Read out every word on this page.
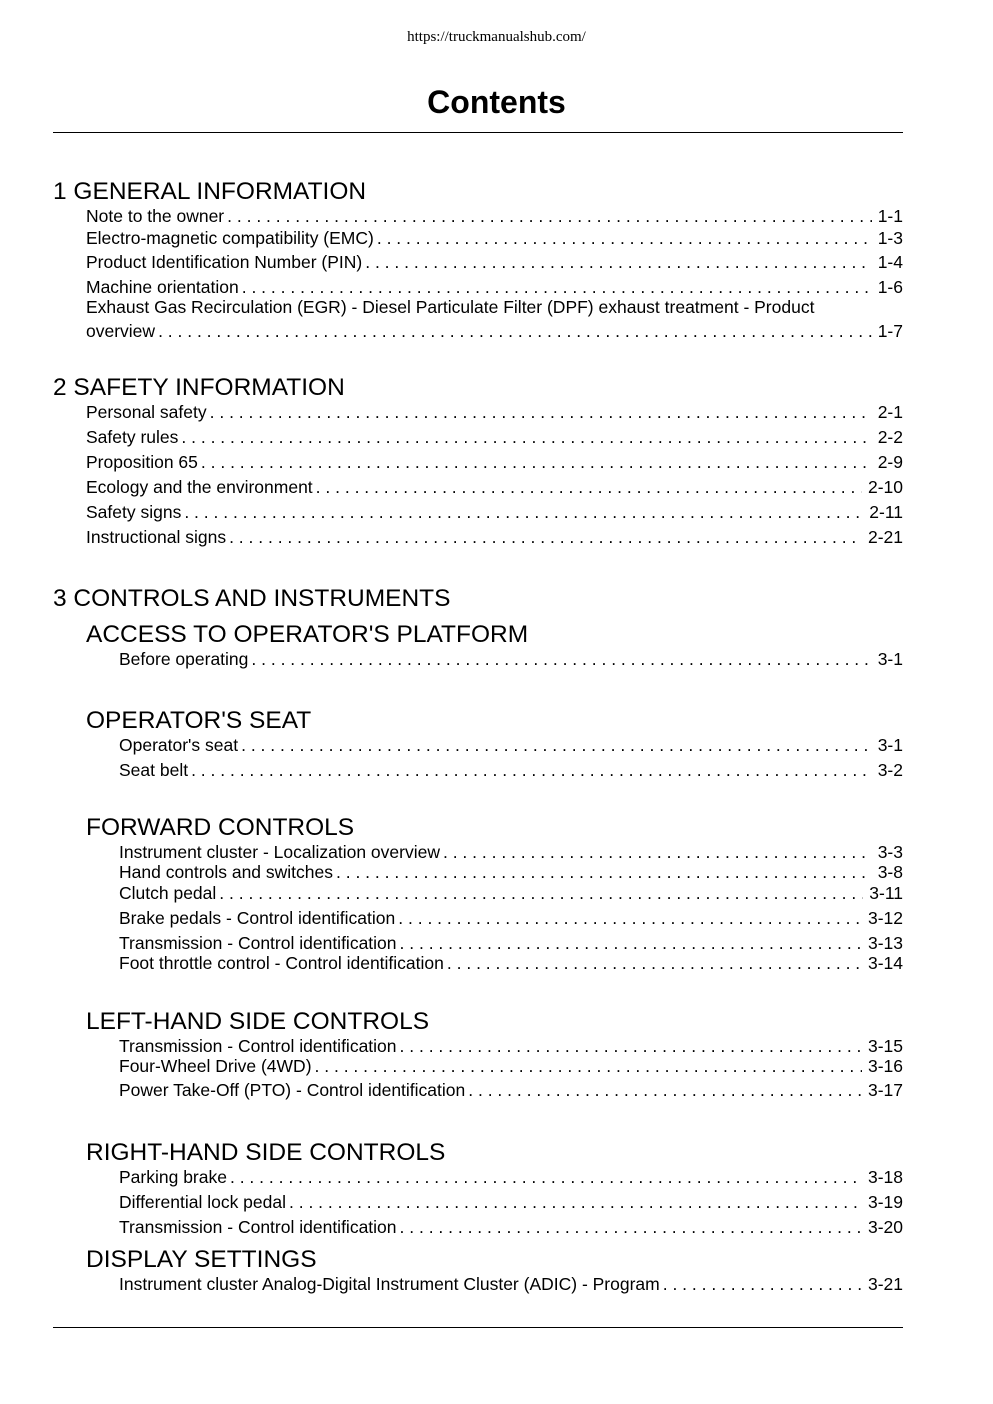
https://truckmanualshub.com/
Contents
1 GENERAL INFORMATION
Note to the owner . . .	1-1
Electro-magnetic compatibility (EMC) . . .	1-3
Product Identification Number (PIN) . . .	1-4
Machine orientation . . .	1-6
Exhaust Gas Recirculation (EGR) - Diesel Particulate Filter (DPF) exhaust treatment - Product
overview . . .	1-7
2 SAFETY INFORMATION
Personal safety . . .	2-1
Safety rules . . .	2-2
Proposition 65 . . .	2-9
Ecology and the environment . . .	2-10
Safety signs . . .	2-11
Instructional signs . . .	2-21
3 CONTROLS AND INSTRUMENTS
ACCESS TO OPERATOR'S PLATFORM
Before operating . . .	3-1
OPERATOR'S SEAT
Operator's seat . . .	3-1
Seat belt . . .	3-2
FORWARD CONTROLS
Instrument cluster - Localization overview . . .	3-3
Hand controls and switches . . .	3-8
Clutch pedal . . .	3-11
Brake pedals - Control identification . . .	3-12
Transmission - Control identification . . .	3-13
Foot throttle control - Control identification . . .	3-14
LEFT-HAND SIDE CONTROLS
Transmission - Control identification . . .	3-15
Four-Wheel Drive (4WD) . . .	3-16
Power Take-Off (PTO) - Control identification . . .	3-17
RIGHT-HAND SIDE CONTROLS
Parking brake . . .	3-18
Differential lock pedal . . .	3-19
Transmission - Control identification . . .	3-20
DISPLAY SETTINGS
Instrument cluster Analog-Digital Instrument Cluster (ADIC) - Program . . .	3-21
